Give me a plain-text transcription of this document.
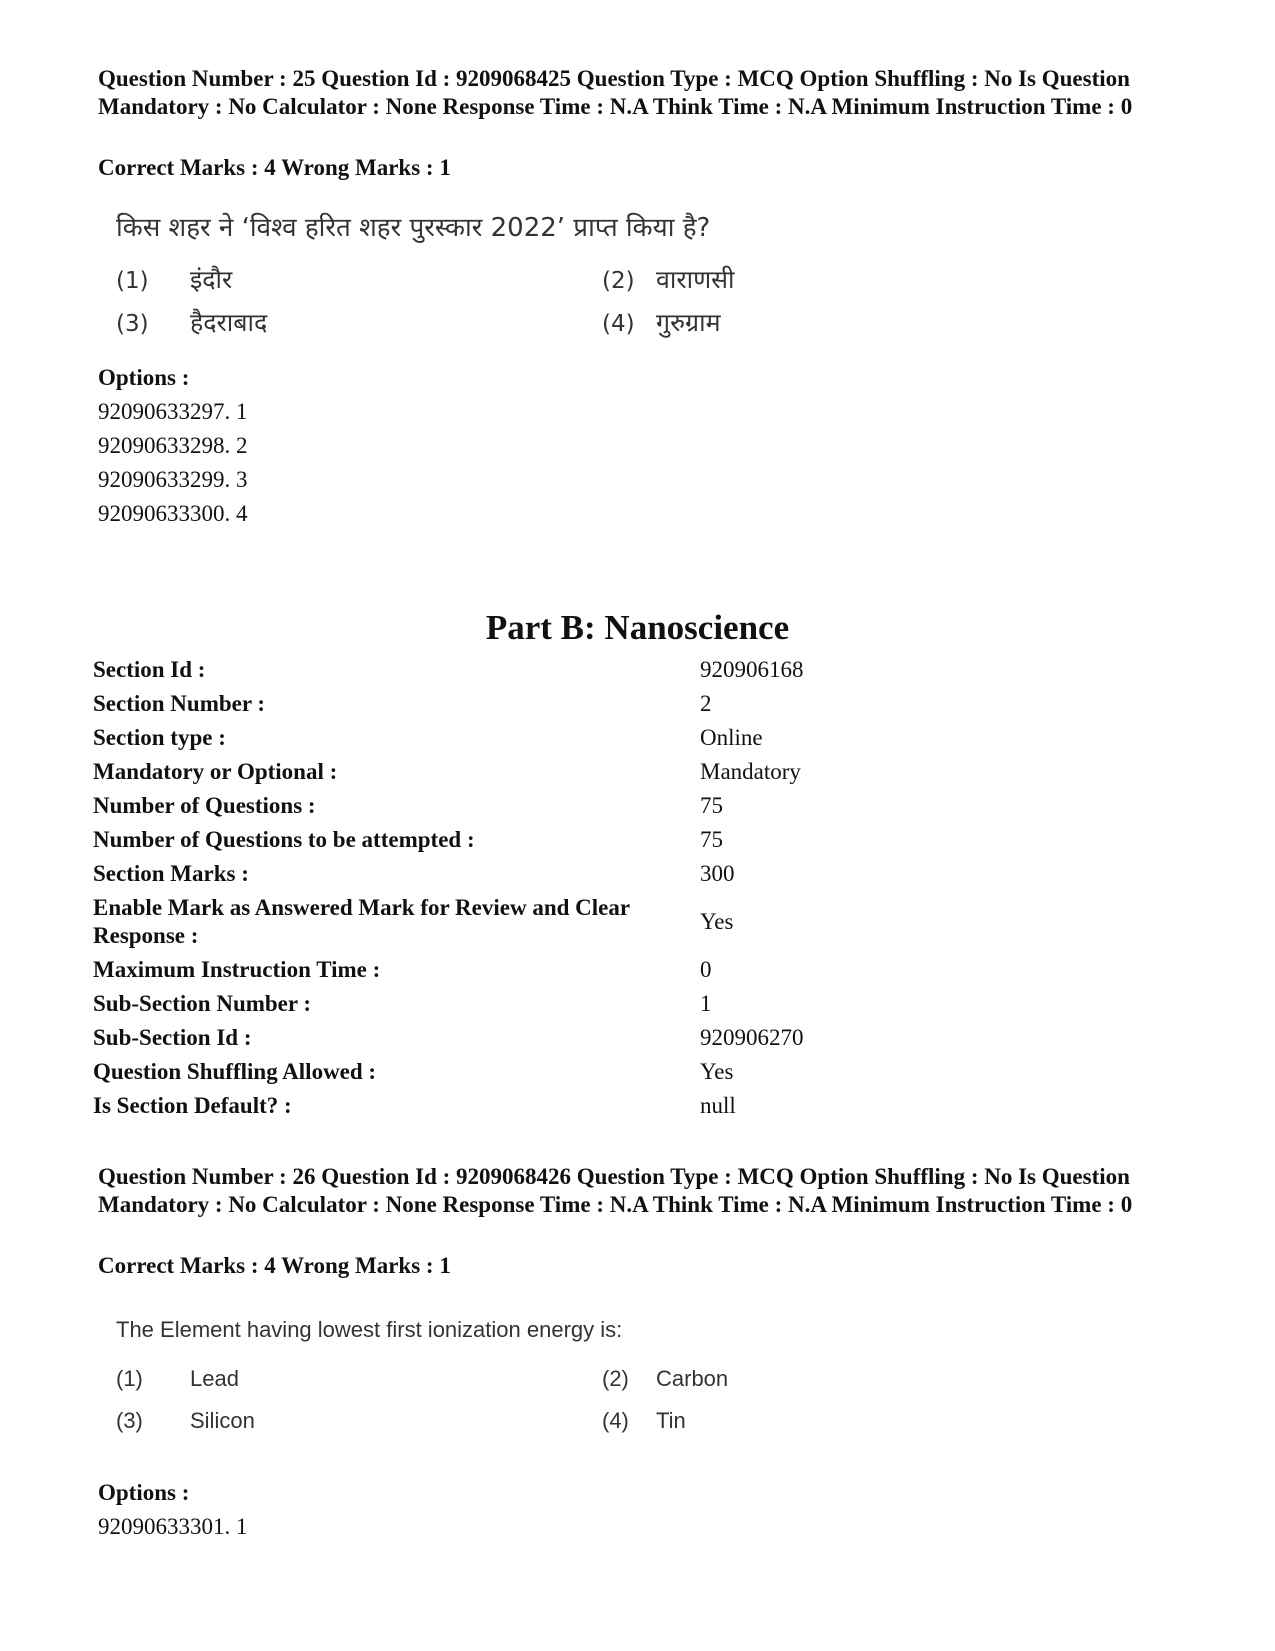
Question Number : 25 Question Id : 9209068425 Question Type : MCQ Option Shuffling : No Is Question Mandatory : No Calculator : None Response Time : N.A Think Time : N.A Minimum Instruction Time : 0
Correct Marks : 4 Wrong Marks : 1
किस शहर ने ‘विश्व हरित शहर पुरस्कार 2022’ प्राप्त किया है?
(1) इंदौर	(2) वाराणसी
(3) हैदराबाद	(4) गुरुग्राम
Options :
92090633297. 1
92090633298. 2
92090633299. 3
92090633300. 4
Part B: Nanoscience
Section Id :	920906168
Section Number :	2
Section type :	Online
Mandatory or Optional :	Mandatory
Number of Questions :	75
Number of Questions to be attempted :	75
Section Marks :	300
Enable Mark as Answered Mark for Review and Clear Response :
Yes
Maximum Instruction Time :	0
Sub-Section Number :	1
Sub-Section Id :	920906270
Question Shuffling Allowed :	Yes
Is Section Default? :	null
Question Number : 26 Question Id : 9209068426 Question Type : MCQ Option Shuffling : No Is Question Mandatory : No Calculator : None Response Time : N.A Think Time : N.A Minimum Instruction Time : 0
Correct Marks : 4 Wrong Marks : 1
The Element having lowest first ionization energy is:
(1) Lead	(2) Carbon
(3) Silicon	(4) Tin
Options :
92090633301. 1
